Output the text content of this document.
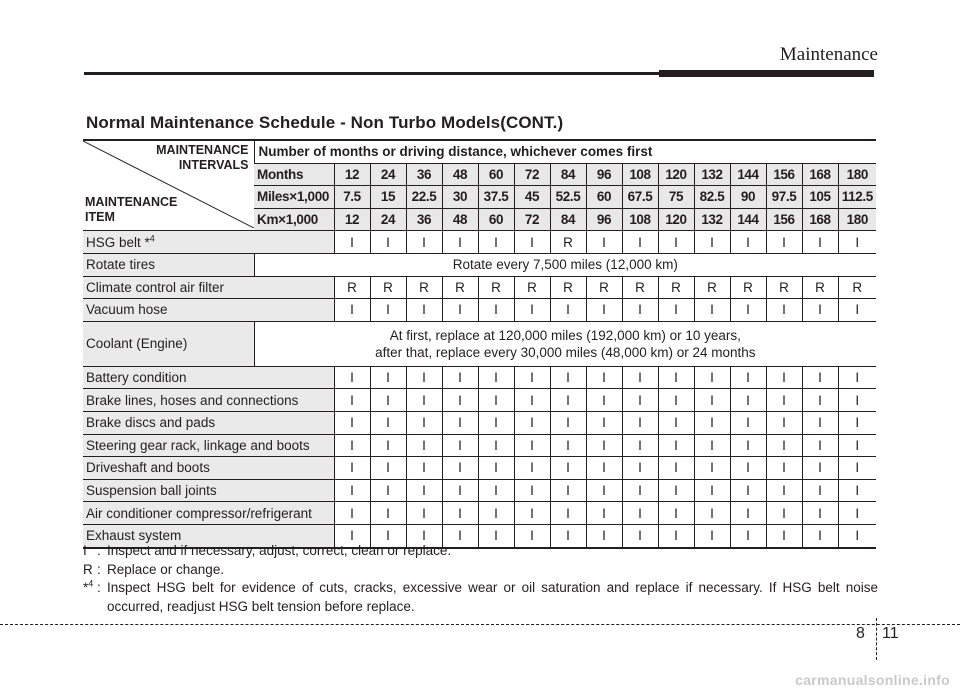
Maintenance
Normal Maintenance Schedule - Non Turbo Models(CONT.)
MAINTENANCE
INTERVALS
MAINTENANCE
ITEM	Number of months or driving distance, whichever comes first															
	Months	12	24	36	48	60	72	84	96	108	120	132	144	156	168	180
	Miles×1,000	7.5	15	22.5	30	37.5	45	52.5	60	67.5	75	82.5	90	97.5	105	112.5
	Km×1,000	12	24	36	48	60	72	84	96	108	120	132	144	156	168	180
HSG belt *$^4$		I	I	I	I	I	I	R	I	I	I	I	I	I	I	I
Rotate tires	Rotate every 7,500 miles (12,000 km)															
Climate control air filter		R	R	R	R	R	R	R	R	R	R	R	R	R	R	R
Vacuum hose		I	I	I	I	I	I	I	I	I	I	I	I	I	I	I
Coolant (Engine)	At first, replace at 120,000 miles (192,000 km) or 10 years,
after that, replace every 30,000 miles (48,000 km) or 24 months															
Battery condition		I	I	I	I	I	I	I	I	I	I	I	I	I	I	I
Brake lines, hoses and connections		I	I	I	I	I	I	I	I	I	I	I	I	I	I	I
Brake discs and pads		I	I	I	I	I	I	I	I	I	I	I	I	I	I	I
Steering gear rack, linkage and boots		I	I	I	I	I	I	I	I	I	I	I	I	I	I	I
Driveshaft and boots		I	I	I	I	I	I	I	I	I	I	I	I	I	I	I
Suspension ball joints		I	I	I	I	I	I	I	I	I	I	I	I	I	I	I
Air conditioner compressor/refrigerant		I	I	I	I	I	I	I	I	I	I	I	I	I	I	I
Exhaust system		I	I	I	I	I	I	I	I	I	I	I	I	I	I	I
I : Inspect and if necessary, adjust, correct, clean or replace.
R : Replace or change.
*$^4$ : Inspect HSG belt for evidence of cuts, cracks, excessive wear or oil saturation and replace if necessary. If HSG belt noise occurred, readjust HSG belt tension before replace.
8 11
carmanualsonline.info
